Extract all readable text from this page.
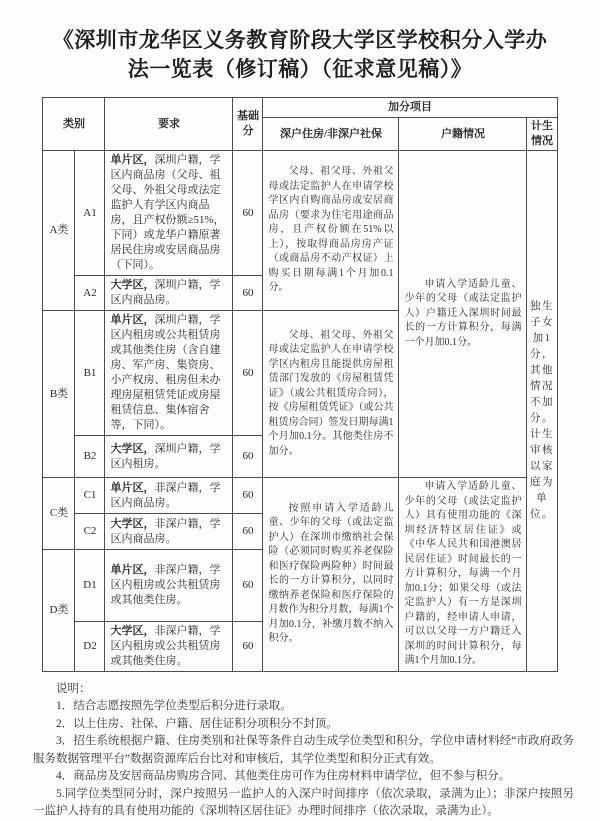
《深圳市龙华区义务教育阶段大学区学校积分入学办
法一览表（修订稿）（征求意见稿）》
类别		要求	基础分	加分项目		
				深户住房/非深户社保	户籍情况	计生情况
A类	A1	单片区，深圳户籍，学区内商品房（父母、祖父母、外祖父母或法定监护人有学区内商品房，且产权份额≥51%，下同）或龙华户籍原著居民住房或安居商品房（下同）。	60	父母、祖父母、外祖父母或法定监护人在申请学校学区内自购商品房或安居商品房（要求为住宅用途商品房，且产权份额在51%以上），按取得商品房房产证（或商品房不动产权证）上购买日期每满1个月加0.1分。	申请入学适龄儿童、少年的父母（或法定监护人）户籍迁入深圳时间最长的一方计算积分，每满一个月加0.1分。	独生子女加1分，其他情况不加分。计生审核以家庭为单位。
	A2	大学区，深圳户籍，学区内商品房。	60			
B类	B1	单片区，深圳户籍，学区内租房或公共租赁房或其他类住房（含自建房、军产房、集资房、小产权房、租房但未办理房屋租赁凭证或房屋租赁信息、集体宿舍等，下同）。	60	父母、祖父母、外祖父母或法定监护人在申请学校学区内租房且能提供房屋租赁部门发放的《房屋租赁凭证》（或公共租赁房合同），按《房屋租赁凭证》（或公共租赁房合同）签发日期每满1个月加0.1分。其他类住房不加分。		
	B2	大学区，深圳户籍，学区内租房。	60			
C类	C1	单片区，非深户籍，学区内商品房。	60	按照申请入学适龄儿童、少年的父母（或法定监护人）在深圳市缴纳社会保险（必须同时购买养老保险和医疗保险两险种）时间最长的一方计算积分，以同时缴纳养老保险和医疗保险的月数作为积分月数，每满1个月加0.1分，补缴月数不纳入积分。	申请入学适龄儿童、少年的父母（或法定监护人）具有使用功能的《深圳经济特区居住证》或《中华人民共和国港澳居民居住证》时间最长的一方计算积分，每满一个月加0.1分；如果父母（或法定监护人）有一方是深圳户籍的，经申请人申请，可以以父母一方户籍迁入深圳的时间计算积分，每满1个月加0.1分。	
	C2	大学区，非深户籍，学区内商品房。	60			
D类	D1	单片区，非深户籍，学区内租房或公共租赁房或其他类住房。	60			
	D2	大学区，非深户籍，学区内租房或公共租赁房或其他类住房。	60			

说明：

1．结合志愿按照先学位类型后积分进行录取。

2．以上住房、社保、户籍、居住证积分项积分不封顶。

3．招生系统根据户籍、住房类别和社保等条件自动生成学位类型和积分，学位申请材料经“市政府政务服务数据管理平台”数据资源库后台比对和审核后，其学位类型和积分正式有效。

4．商品房及安居商品房购房合同、其他类住房可作为住房材料申请学位，但不参与积分。

5.同学位类型同分时，深户按照另一监护人的入深户时间排序（依次录取，录满为止）；非深户按照另一监护人持有的具有使用功能的《深圳特区居住证》办理时间排序（依次录取，录满为止）。
